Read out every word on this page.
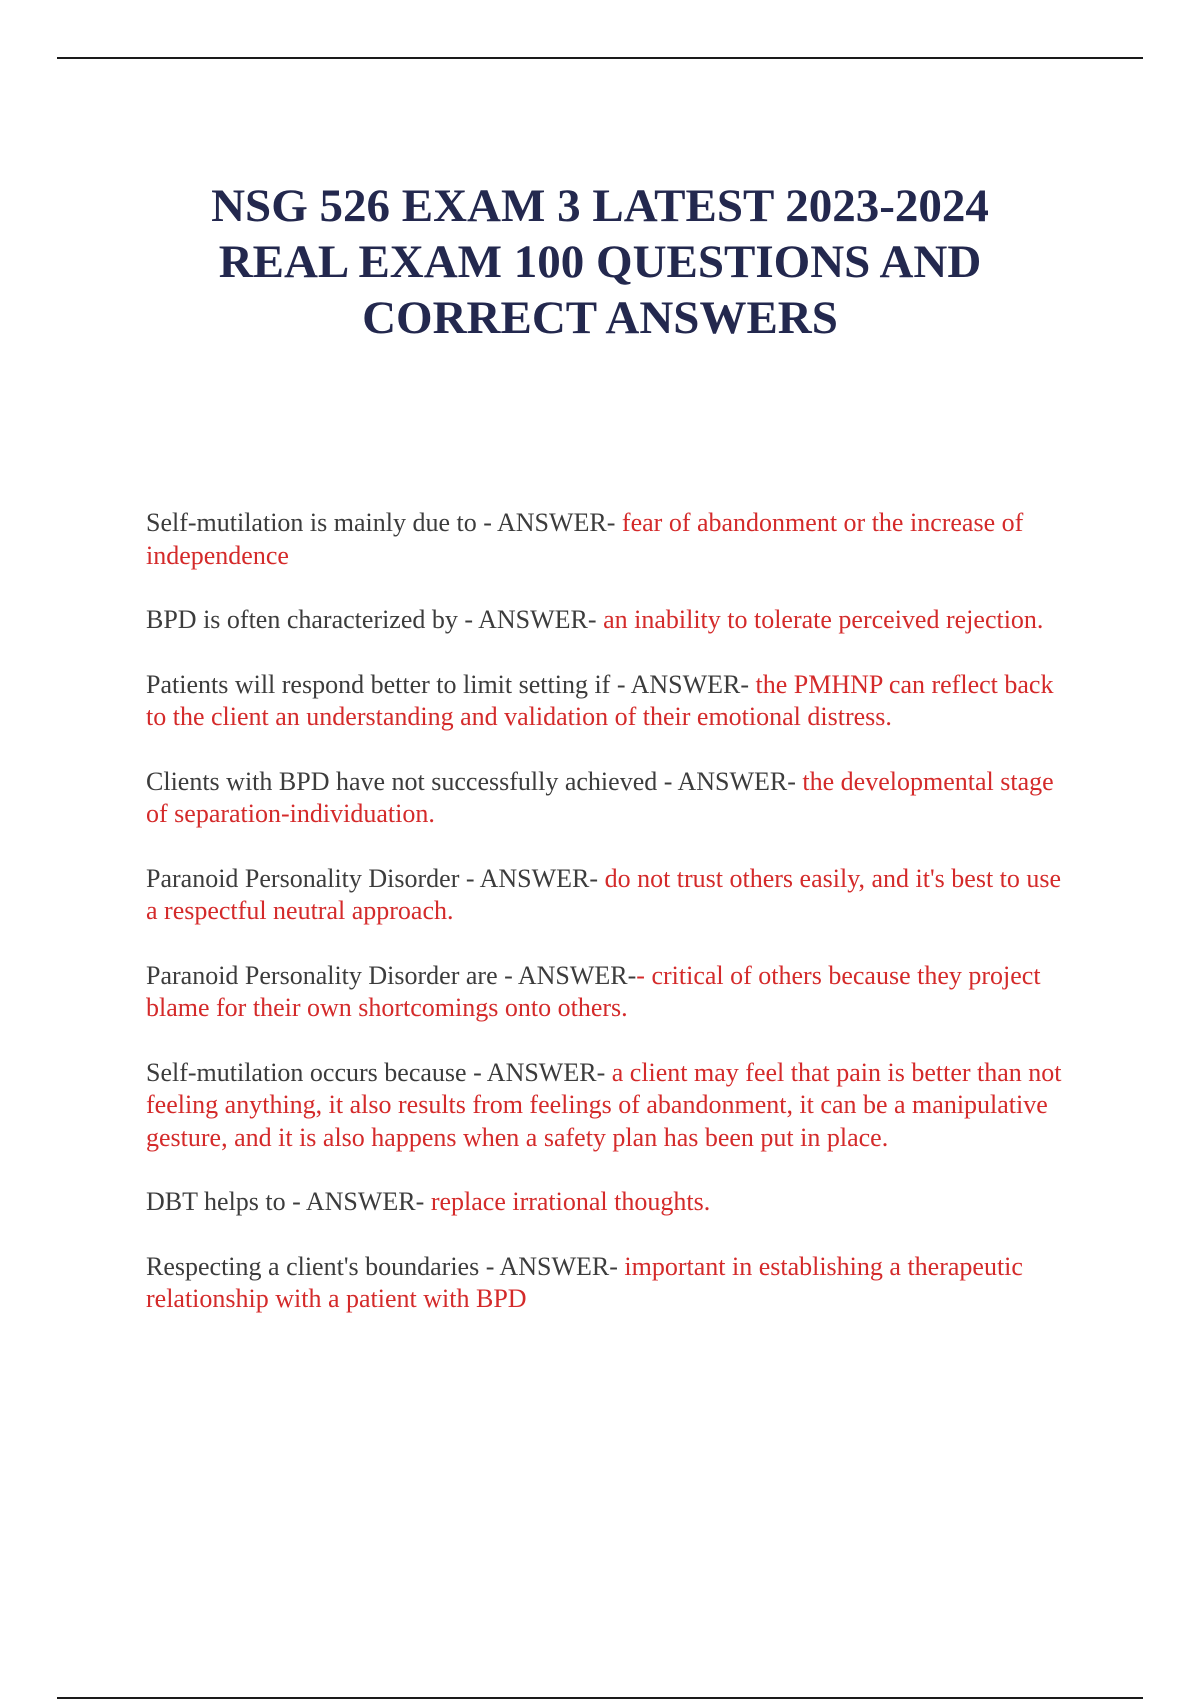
NSG 526 EXAM 3 LATEST 2023-2024
REAL EXAM 100 QUESTIONS AND
CORRECT ANSWERS
Self-mutilation is mainly due to - ANSWER- fear of abandonment or the increase of independence
BPD is often characterized by - ANSWER- an inability to tolerate perceived rejection.
Patients will respond better to limit setting if - ANSWER- the PMHNP can reflect back to the client an understanding and validation of their emotional distress.
Clients with BPD have not successfully achieved - ANSWER- the developmental stage of separation-individuation.
Paranoid Personality Disorder - ANSWER- do not trust others easily, and it's best to use a respectful neutral approach.
Paranoid Personality Disorder are - ANSWER-- critical of others because they project blame for their own shortcomings onto others.
Self-mutilation occurs because - ANSWER- a client may feel that pain is better than not feeling anything, it also results from feelings of abandonment, it can be a manipulative gesture, and it is also happens when a safety plan has been put in place.
DBT helps to - ANSWER- replace irrational thoughts.
Respecting a client's boundaries - ANSWER- important in establishing a therapeutic relationship with a patient with BPD
